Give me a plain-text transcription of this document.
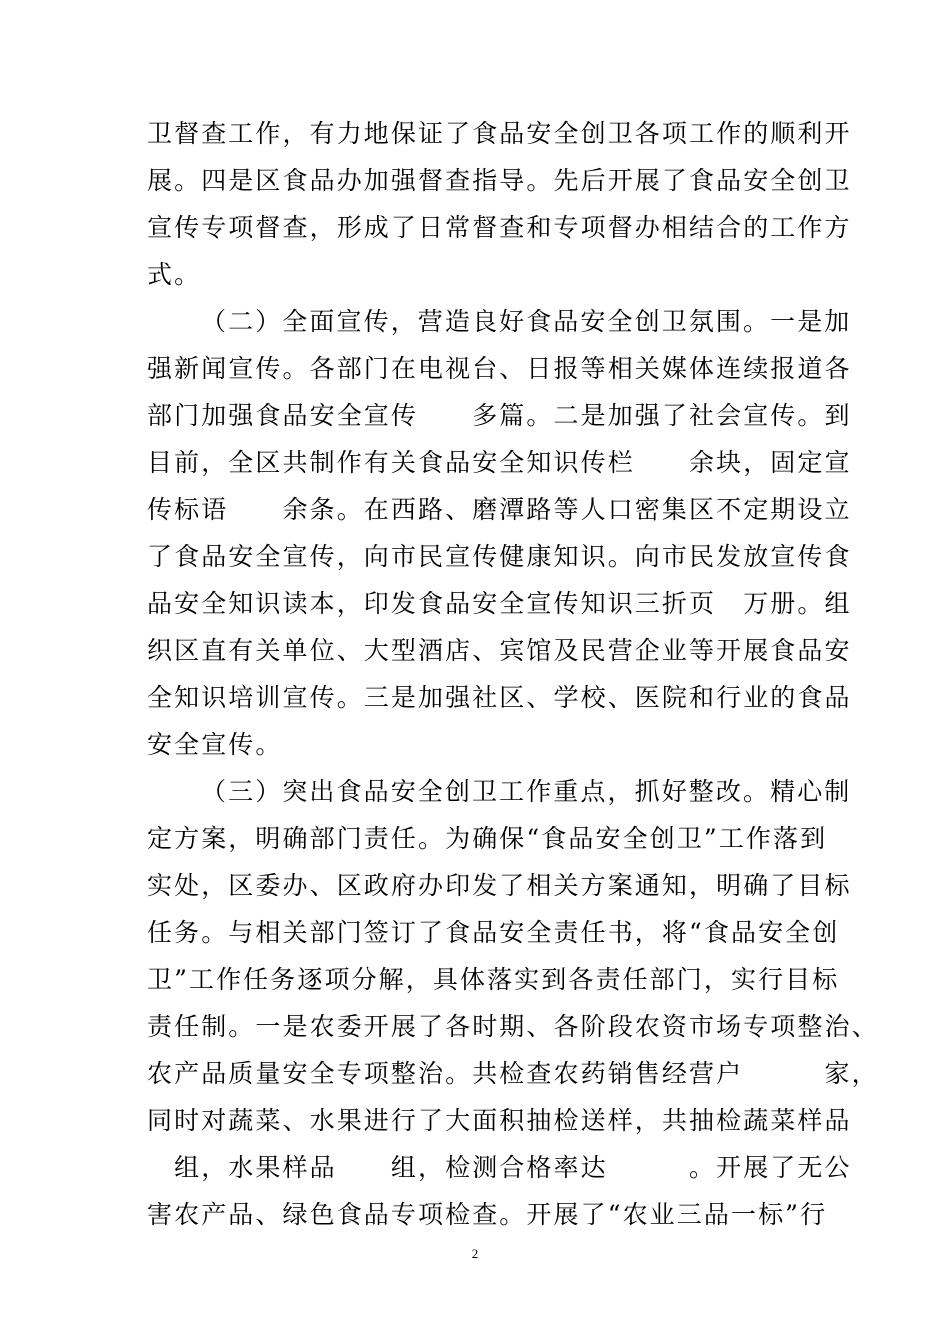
卫督查工作，有力地保证了食品安全创卫各项工作的顺利开
展。四是区食品办加强督查指导。先后开展了食品安全创卫
宣传专项督查，形成了日常督查和专项督办相结合的工作方
式。
（二）全面宣传，营造良好食品安全创卫氛围。一是加
强新闻宣传。各部门在电视台、日报等相关媒体连续报道各
部门加强食品安全宣传　　多篇。二是加强了社会宣传。到
目前，全区共制作有关食品安全知识传栏　　余块，固定宣
传标语　　余条。在西路、磨潭路等人口密集区不定期设立
了食品安全宣传，向市民宣传健康知识。向市民发放宣传食
品安全知识读本，印发食品安全宣传知识三折页　万册。组
织区直有关单位、大型酒店、宾馆及民营企业等开展食品安
全知识培训宣传。三是加强社区、学校、医院和行业的食品
安全宣传。
（三）突出食品安全创卫工作重点，抓好整改。精心制
定方案，明确部门责任。为确保“食品安全创卫”工作落到
实处，区委办、区政府办印发了相关方案通知，明确了目标
任务。与相关部门签订了食品安全责任书，将“食品安全创
卫”工作任务逐项分解，具体落实到各责任部门，实行目标
责任制。一是农委开展了各时期、各阶段农资市场专项整治、
农产品质量安全专项整治。共检查农药销售经营户　　　家，
同时对蔬菜、水果进行了大面积抽检送样，共抽检蔬菜样品
　组，水果样品　　组，检测合格率达　　　。开展了无公
害农产品、绿色食品专项检查。开展了“农业三品一标”行
2
